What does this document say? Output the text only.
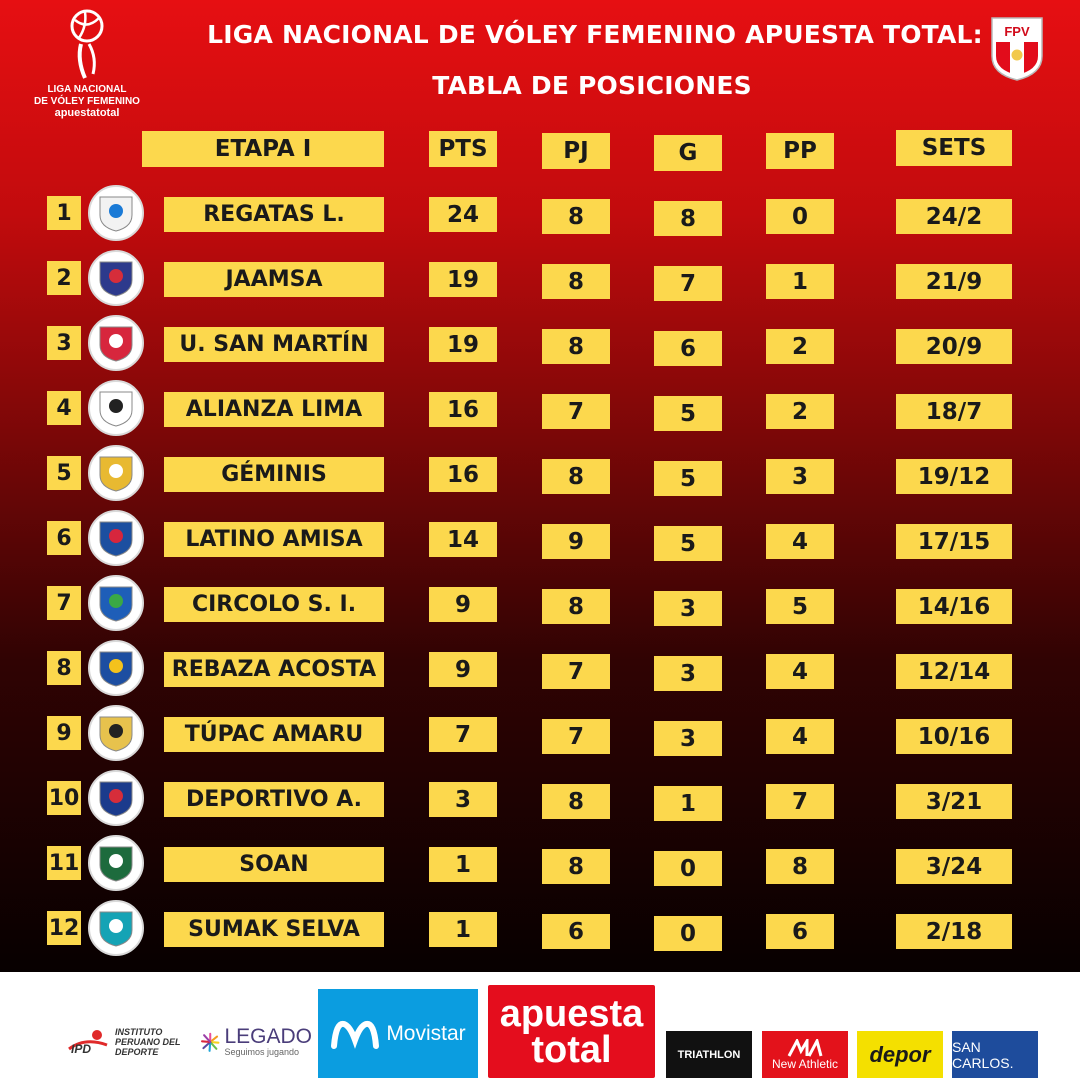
LIGA NACIONAL
DE VÓLEY FEMENINO
apuestatotal
LIGA NACIONAL DE VÓLEY FEMENINO APUESTA TOTAL:
TABLA DE POSICIONES
FPV
ETAPA I	PTS	PJ	G	PP	SETS
1	REGATAS L.	24	8	8	0	24/2
2	JAAMSA	19	8	7	1	21/9
3	U. SAN MARTÍN	19	8	6	2	20/9
4	ALIANZA LIMA	16	7	5	2	18/7
5	GÉMINIS	16	8	5	3	19/12
6	LATINO AMISA	14	9	5	4	17/15
7	CIRCOLO S. I.	9	8	3	5	14/16
8	REBAZA ACOSTA	9	7	3	4	12/14
9	TÚPAC AMARU	7	7	3	4	10/16
10	DEPORTIVO A.	3	8	1	7	3/21
11	SOAN	1	8	0	8	3/24
12	SUMAK SELVA	1	6	0	6	2/18
IPD
INSTITUTO PERUANO DEL DEPORTE
LEGADO
Seguimos jugando
Movistar apuesta
total	TRIATHLON
New Athletic depor SAN CARLOS.
